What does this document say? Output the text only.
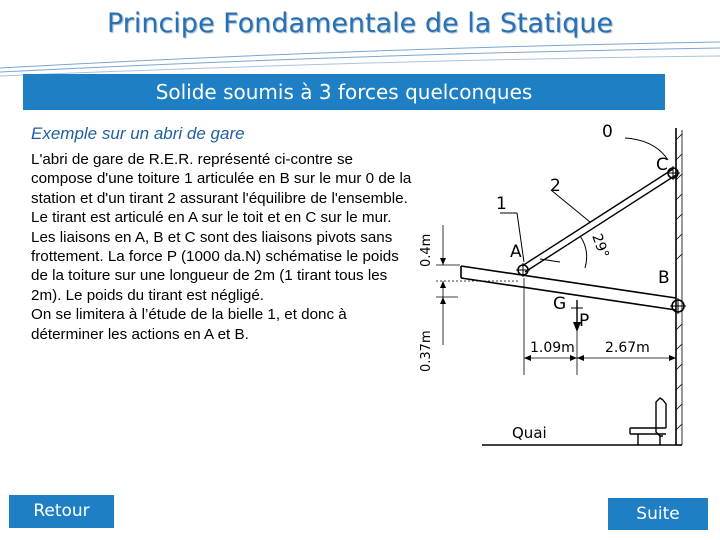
Principe Fondamentale de la Statique
Solide soumis à 3 forces quelconques
Exemple sur un abri de gare

L'abri de gare de R.E.R. représenté ci-contre se compose d'une toiture 1 articulée en B sur le mur 0 de la station et d'un tirant 2 assurant l'équilibre de l'ensemble.

Le tirant est articulé en A sur le toit et en C sur le mur.

Les liaisons en A, B et C sont des liaisons pivots sans frottement. La force P (1000 da.N) schématise le poids de la toiture sur une longueur de 2m (1 tirant tous les 2m). Le poids du tirant est négligé.

On se limitera à l’étude de la bielle 1, et donc à déterminer les actions en A et B.

0
C
2
1
A
B
G
P
29°
0.4m
0.37m	1.09m 2.67m
Quai
Retour	Suite
